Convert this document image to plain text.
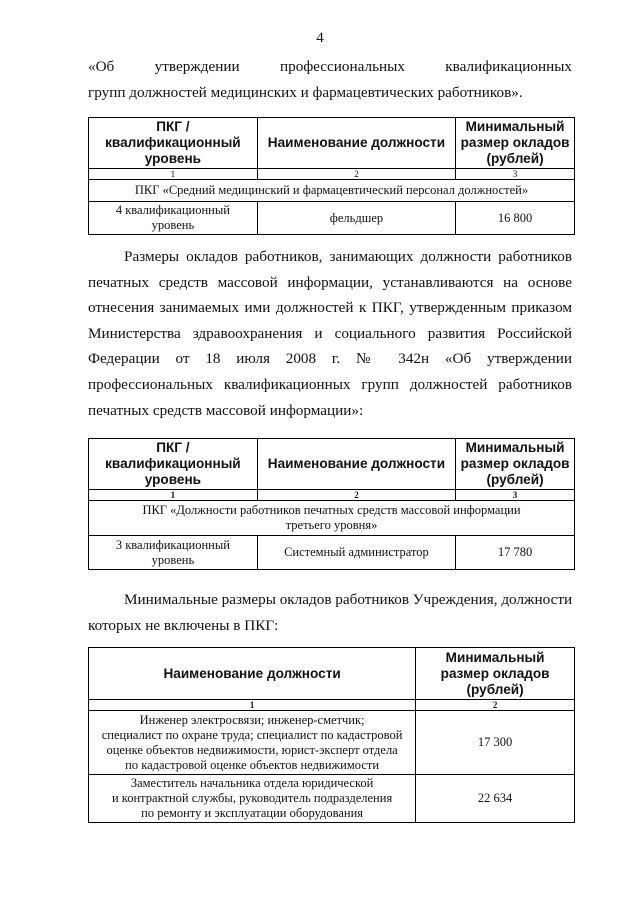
4
«Об утверждении профессиональных квалификационных
групп должностей медицинских и фармацевтических работников».
ПКГ /
квалификационный
уровень	Наименование должности	Минимальный
размер окладов
(рублей)

1	2	3
ПКГ «Средний медицинский и фармацевтический персонал должностей»		

4 квалификационный
уровень	фельдшер	16 800
Размеры окладов работников, занимающих должности работников
печатных средств массовой информации, устанавливаются на основе
отнесения занимаемых ими должностей к ПКГ, утвержденным приказом
Министерства здравоохранения и социального развития Российской
Федерации от 18 июля 2008 г. № 342н «Об утверждении
профессиональных квалификационных групп должностей работников
печатных средств массовой информации»:
ПКГ /
квалификационный
уровень	Наименование должности	Минимальный
размер окладов
(рублей)

1	2	3

ПКГ «Должности работников печатных средств массовой информации
третьего уровня»		

3 квалификационный
уровень	Системный администратор	17 780
Минимальные размеры окладов работников Учреждения, должности
которых не включены в ПКГ:
Наименование должности	Минимальный
размер окладов
(рублей)

1	2

Инженер электросвязи; инженер-сметчик;
специалист по охране труда; специалист по кадастровой
оценке объектов недвижимости, юрист-эксперт отдела
по кадастровой оценке объектов недвижимости	17 300

Заместитель начальника отдела юридической
и контрактной службы, руководитель подразделения
по ремонту и эксплуатации оборудования	22 634
